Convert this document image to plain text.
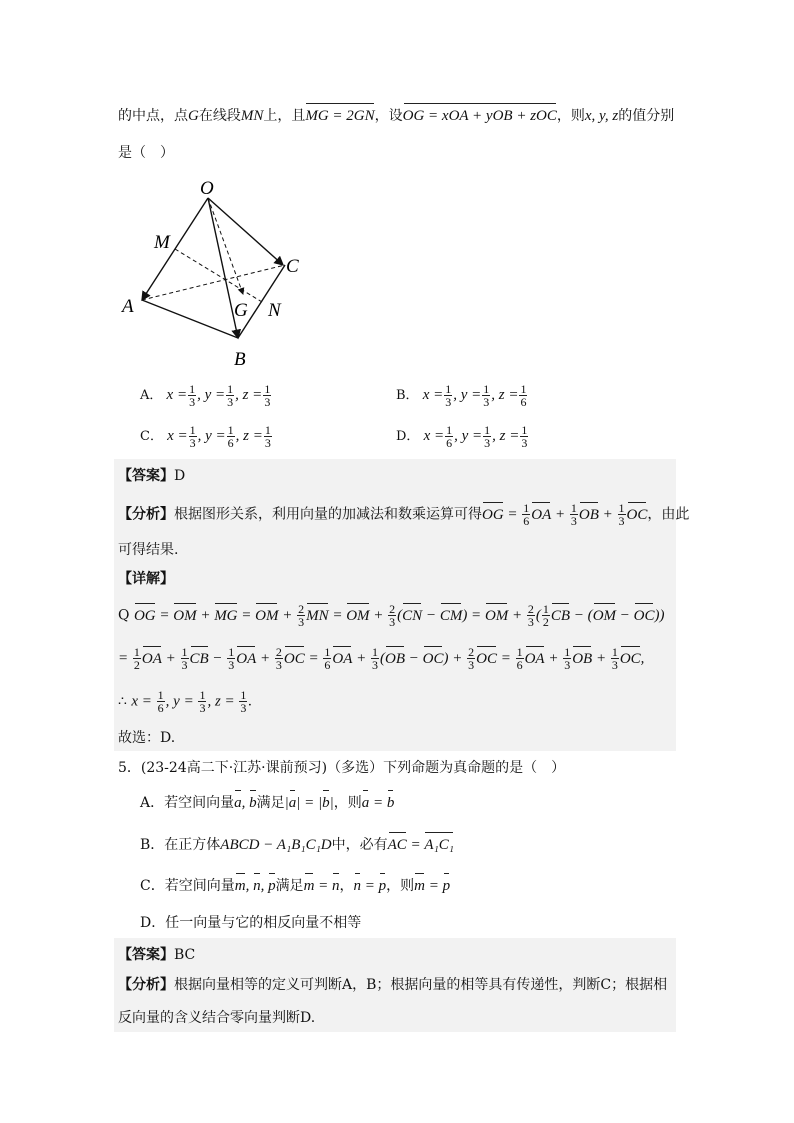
的中点，点G在线段MN上，且MG = 2GN，设OG = xOA + yOB + zOC，则x, y, z的值分别
是（　）
O
M
C
A	G N
B
A． $x = \frac{1}{3}$ , $y = \frac{1}{3}$ , $z = \frac{1}{3}$	B． $x = \frac{1}{3}$ , $y = \frac{1}{3}$ , $z = \frac{1}{6}$
C． $x = \frac{1}{3}$ , $y = \frac{1}{6}$ , $z = \frac{1}{3}$	D． $x = \frac{1}{6}$ , $y = \frac{1}{3}$ , $z = \frac{1}{3}$
【答案】D
【分析】根据图形关系，利用向量的加减法和数乘运算可得OG = $\frac{1}{6}$ OA + $\frac{1}{3}$ OB + $\frac{1}{3}$ OC，由此
可得结果.
【详解】
Q OG = OM + MG = OM + $\frac{2}{3}$ MN = OM + $\frac{2}{3} (CN - CM)$ = OM + $\frac{2}{3}$ ( $\frac{1}{2}$ CB − (OM − OC))
= $\frac{1}{2}$ OA + $\frac{1}{3}$ CB − $\frac{1}{3}$ OA + $\frac{2}{3}$ OC = $\frac{1}{6}$ OA + $\frac{1}{3} (OB - OC) + \frac{2}{3}$ OC = $\frac{1}{6}$ OA + $\frac{1}{3}$ OB + $\frac{1}{3}$ OC,
∴ $x = \frac{1}{6}$ , $y = \frac{1}{3}$ , $z = \frac{1}{3}$ .
故选：D.
5．(23-24高二下·江苏·课前预习)（多选）下列命题为真命题的是（　）
A．若空间向量a, b满足|a| = |b|，则a = b
B．在正方体ABCD − A₁B₁C₁D中，必有AC = A₁C₁
C．若空间向量m, n, p满足m = n，n = p，则m = p
D．任一向量与它的相反向量不相等
【答案】BC
【分析】根据向量相等的定义可判断A，B；根据向量的相等具有传递性，判断C；根据相
反向量的含义结合零向量判断D.
